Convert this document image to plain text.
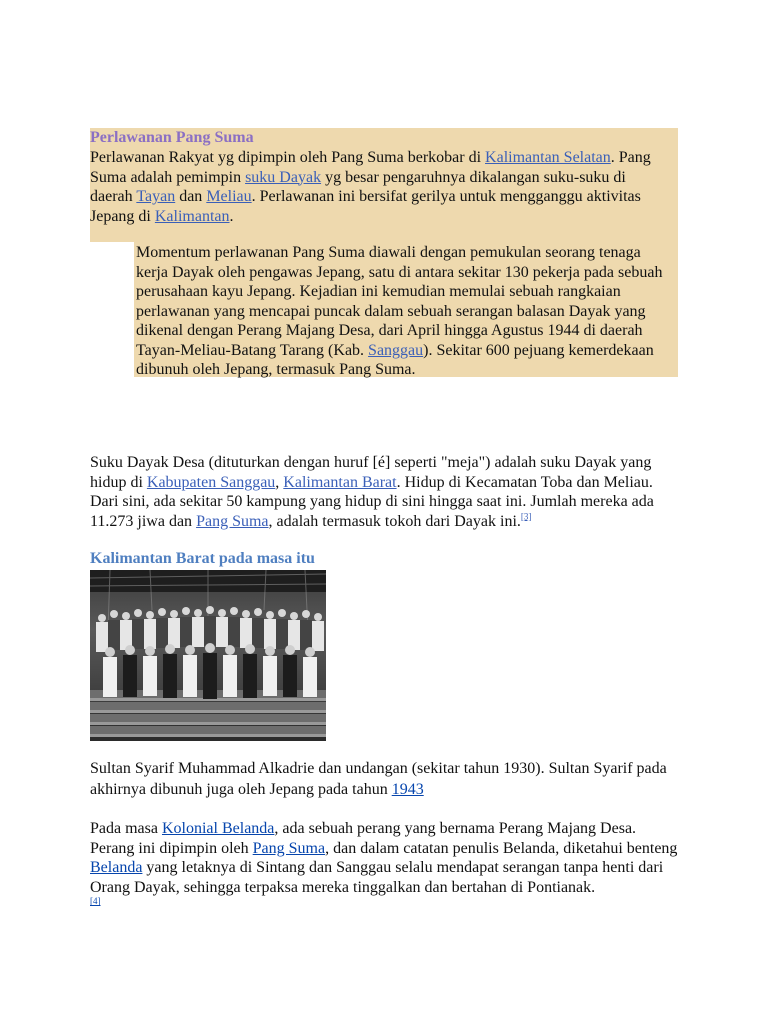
Perlawanan Pang Suma
Perlawanan Rakyat yg dipimpin oleh Pang Suma berkobar di Kalimantan Selatan. Pang Suma adalah pemimpin suku Dayak yg besar pengaruhnya dikalangan suku-suku di daerah Tayan dan Meliau. Perlawanan ini bersifat gerilya untuk mengganggu aktivitas Jepang di Kalimantan.
Momentum perlawanan Pang Suma diawali dengan pemukulan seorang tenaga kerja Dayak oleh pengawas Jepang, satu di antara sekitar 130 pekerja pada sebuah perusahaan kayu Jepang. Kejadian ini kemudian memulai sebuah rangkaian perlawanan yang mencapai puncak dalam sebuah serangan balasan Dayak yang dikenal dengan Perang Majang Desa, dari April hingga Agustus 1944 di daerah Tayan-Meliau-Batang Tarang (Kab. Sanggau). Sekitar 600 pejuang kemerdekaan dibunuh oleh Jepang, termasuk Pang Suma.
Suku Dayak Desa (dituturkan dengan huruf [é] seperti "meja") adalah suku Dayak yang hidup di Kabupaten Sanggau, Kalimantan Barat. Hidup di Kecamatan Toba dan Meliau. Dari sini, ada sekitar 50 kampung yang hidup di sini hingga saat ini. Jumlah mereka ada 11.273 jiwa dan Pang Suma, adalah termasuk tokoh dari Dayak ini.[3]
Kalimantan Barat pada masa itu
Sultan Syarif Muhammad Alkadrie dan undangan (sekitar tahun 1930). Sultan Syarif pada akhirnya dibunuh juga oleh Jepang pada tahun 1943
Pada masa Kolonial Belanda, ada sebuah perang yang bernama Perang Majang Desa. Perang ini dipimpin oleh Pang Suma, dan dalam catatan penulis Belanda, diketahui benteng Belanda yang letaknya di Sintang dan Sanggau selalu mendapat serangan tanpa henti dari Orang Dayak, sehingga terpaksa mereka tinggalkan dan bertahan di Pontianak.
[4]
